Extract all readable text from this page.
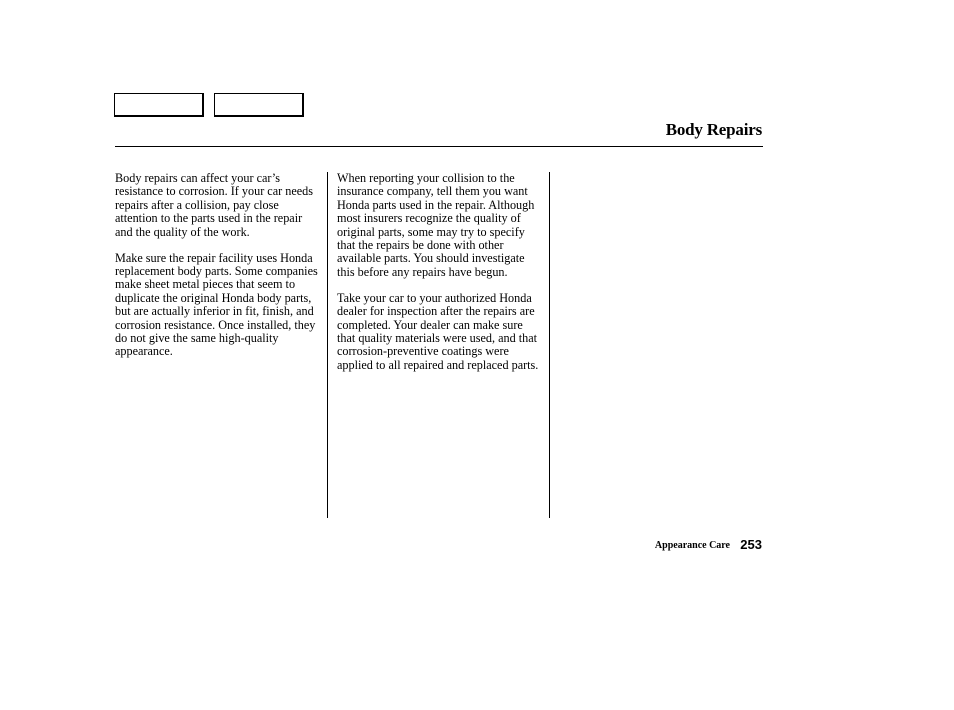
Body Repairs

Body repairs can affect your car’s resistance to corrosion. If your car needs repairs after a collision, pay close attention to the parts used in the repair and the quality of the work.

Make sure the repair facility uses Honda replacement body parts. Some companies make sheet metal pieces that seem to duplicate the original Honda body parts, but are actually inferior in fit, finish, and corrosion resistance. Once installed, they do not give the same high-quality appearance.

When reporting your collision to the insurance company, tell them you want Honda parts used in the repair. Although most insurers recognize the quality of original parts, some may try to specify that the repairs be done with other available parts. You should investigate this before any repairs have begun.

Take your car to your authorized Honda dealer for inspection after the repairs are completed. Your dealer can make sure that quality materials were used, and that corrosion-preventive coatings were applied to all repaired and replaced parts.

Appearance Care 253
